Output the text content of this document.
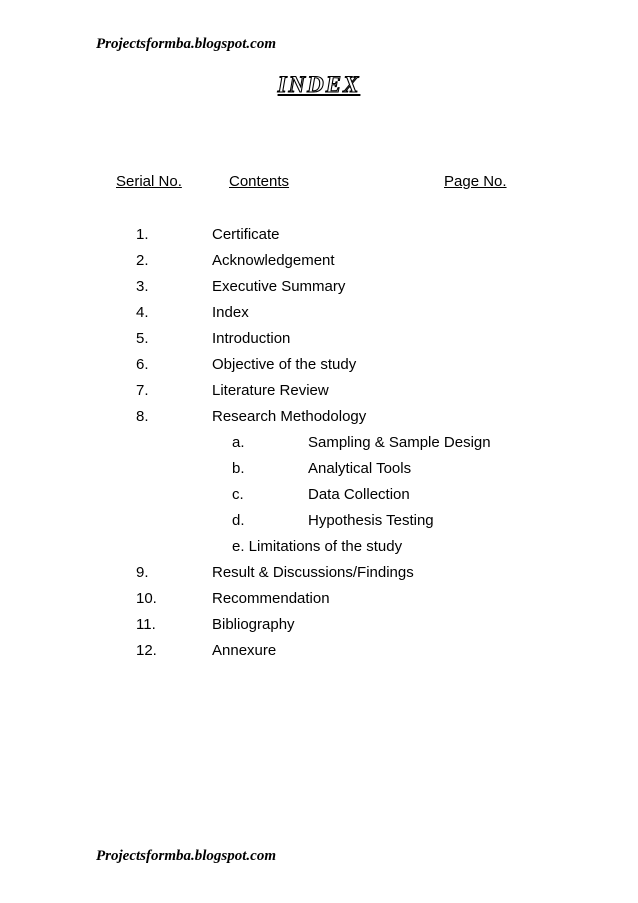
Projectsformba.blogspot.com
INDEX
Serial No.	Contents	Page No.
1.	Certificate
2.	Acknowledgement
3.	Executive Summary
4.	Index
5.	Introduction
6.	Objective of the study
7.	Literature Review
8.	Research Methodology
a.	Sampling & Sample Design
b.	Analytical Tools
c.	Data Collection
d.	Hypothesis Testing
e. Limitations of the study
9.	Result & Discussions/Findings
10.	Recommendation
11.	Bibliography
12.	Annexure
Projectsformba.blogspot.com
